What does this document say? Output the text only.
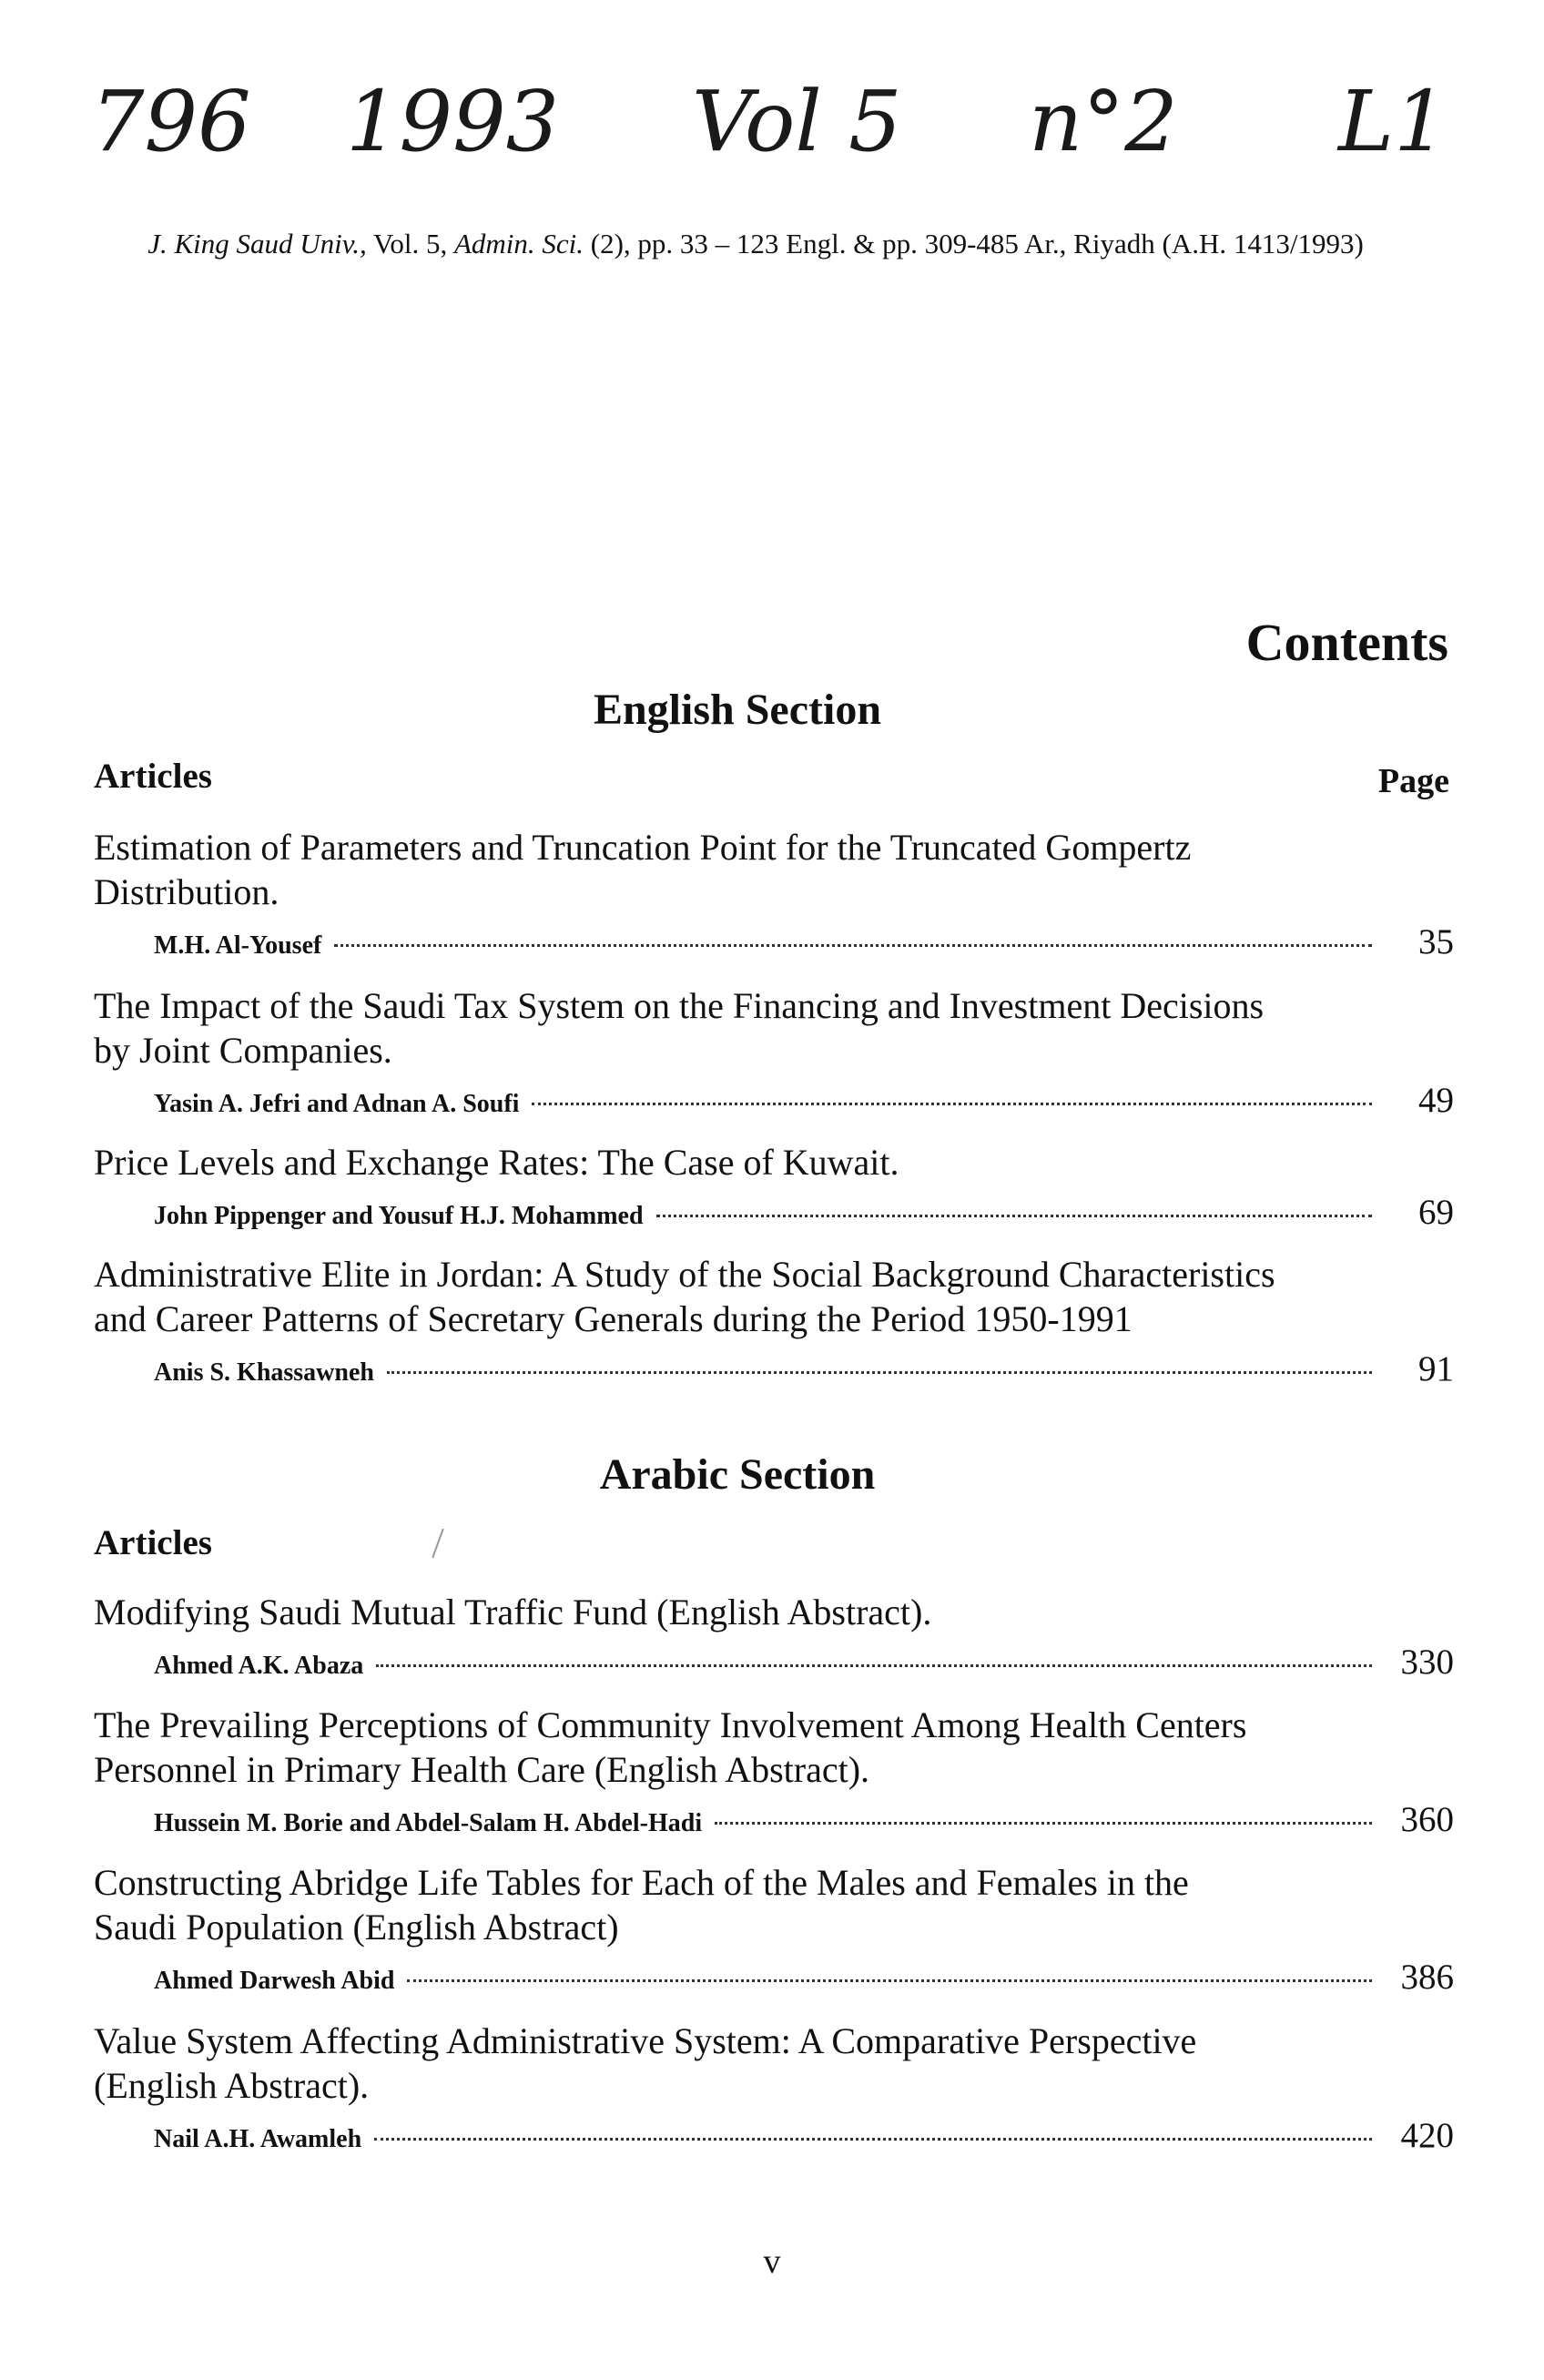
796 1993 Vol 5 n°2 L1
J. King Saud Univ., Vol. 5, Admin. Sci. (2), pp. 33 – 123 Engl. & pp. 309-485 Ar., Riyadh (A.H. 1413/1993)
Contents
English Section
Articles	Page
Estimation of Parameters and Truncation Point for the Truncated Gompertz Distribution.
M.H. Al-Yousef	35
The Impact of the Saudi Tax System on the Financing and Investment Decisions by Joint Companies.
Yasin A. Jefri and Adnan A. Soufi	49
Price Levels and Exchange Rates: The Case of Kuwait.
John Pippenger and Yousuf H.J. Mohammed	69
Administrative Elite in Jordan: A Study of the Social Background Characteristics and Career Patterns of Secretary Generals during the Period 1950-1991
Anis S. Khassawneh	91
Arabic Section
Articles
Modifying Saudi Mutual Traffic Fund (English Abstract).
Ahmed A.K. Abaza	330
The Prevailing Perceptions of Community Involvement Among Health Centers Personnel in Primary Health Care (English Abstract).
Hussein M. Borie and Abdel-Salam H. Abdel-Hadi	360
Constructing Abridge Life Tables for Each of the Males and Females in the Saudi Population (English Abstract)
Ahmed Darwesh Abid	386
Value System Affecting Administrative System: A Comparative Perspective (English Abstract).
Nail A.H. Awamleh	420
v
